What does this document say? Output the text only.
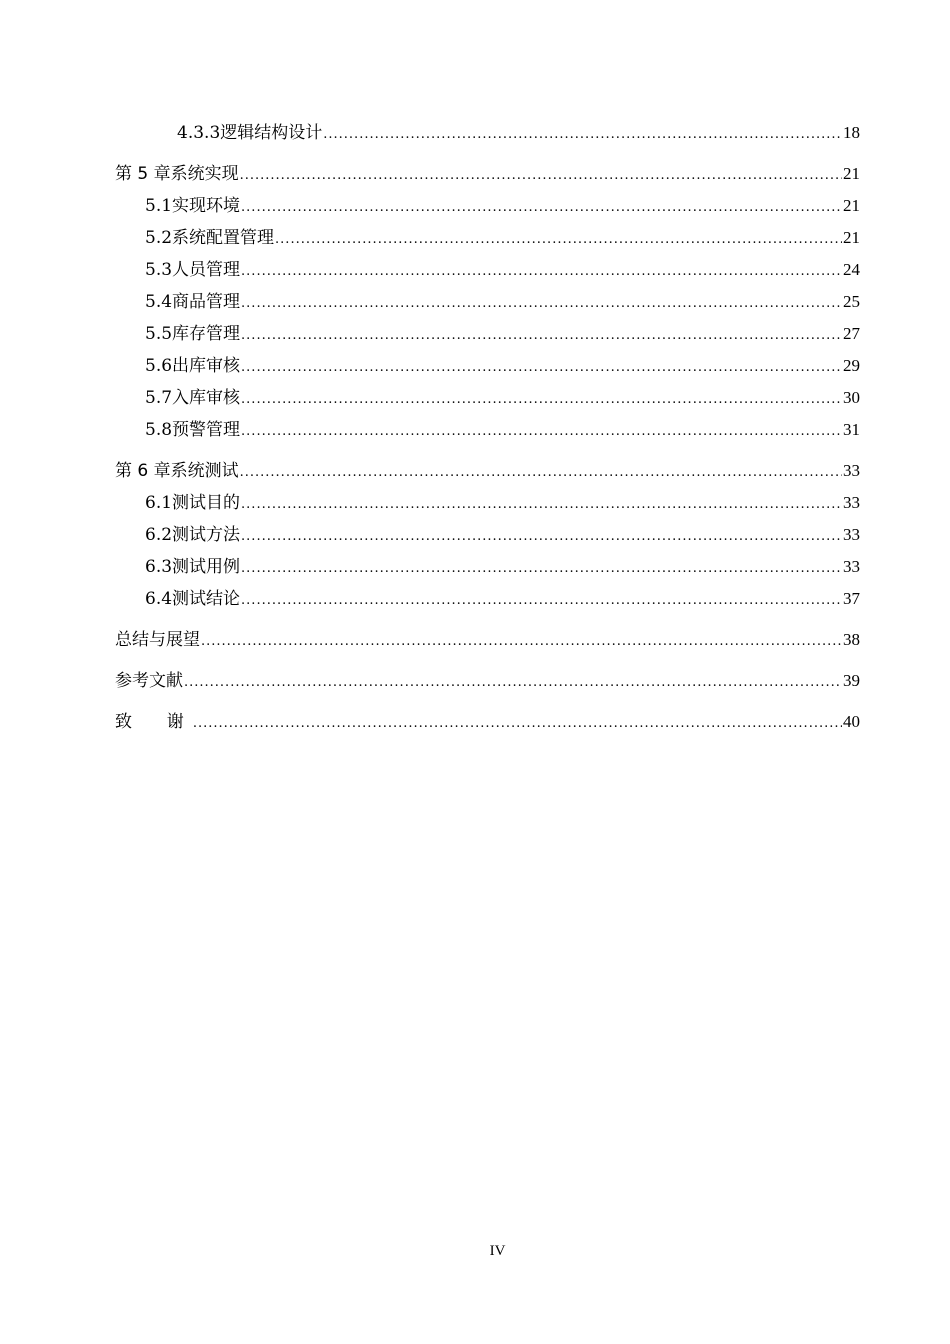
4.3.3 逻辑结构设计 .....	18
第 5 章 系统实现 .....	21
5.1 实现环境 .....	21
5.2 系统配置管理 .....	21
5.3 人员管理 .....	24
5.4 商品管理 .....	25
5.5 库存管理 .....	27
5.6 出库审核 .....	29
5.7 入库审核 .....	30
5.8 预警管理 .....	31
第 6 章 系统测试 .....	33
6.1 测试目的 .....	33
6.2 测试方法 .....	33
6.3 测试用例 .....	33
6.4 测试结论 .....	37
总结与展望 .....	38
参考文献 .....	39
致  谢 .....	40
IV
